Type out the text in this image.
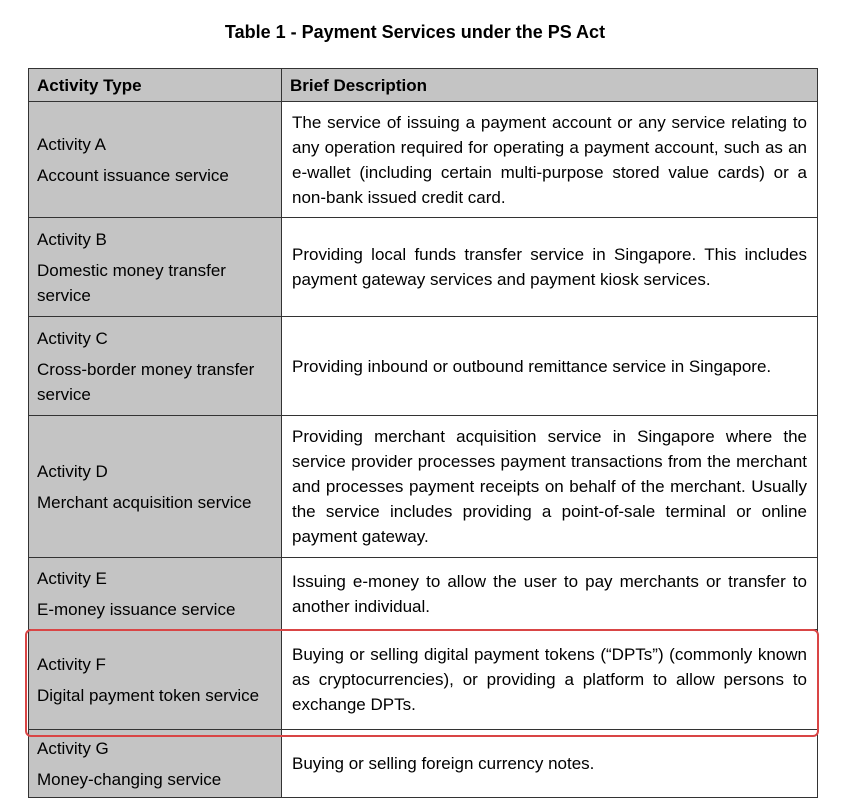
Table 1 - Payment Services under the PS Act
Activity Type	Brief Description

Activity A
Account issuance service	The service of issuing a payment account or any service relating to any operation required for operating a payment account, such as an e-wallet (including certain multi-purpose stored value cards) or a non-bank issued credit card.

Activity B
Domestic money transfer service	Providing local funds transfer service in Singapore. This includes payment gateway services and payment kiosk services.

Activity C
Cross-border money transfer service	Providing inbound or outbound remittance service in Singapore.

Activity D
Merchant acquisition service	Providing merchant acquisition service in Singapore where the service provider processes payment transactions from the merchant and processes payment receipts on behalf of the merchant. Usually the service includes providing a point-of-sale terminal or online payment gateway.

Activity E
E-money issuance service	Issuing e-money to allow the user to pay merchants or transfer to another individual.

Activity F
Digital payment token service	Buying or selling digital payment tokens (“DPTs”) (commonly known as cryptocurrencies), or providing a platform to allow persons to exchange DPTs.

Activity G
Money-changing service	Buying or selling foreign currency notes.
